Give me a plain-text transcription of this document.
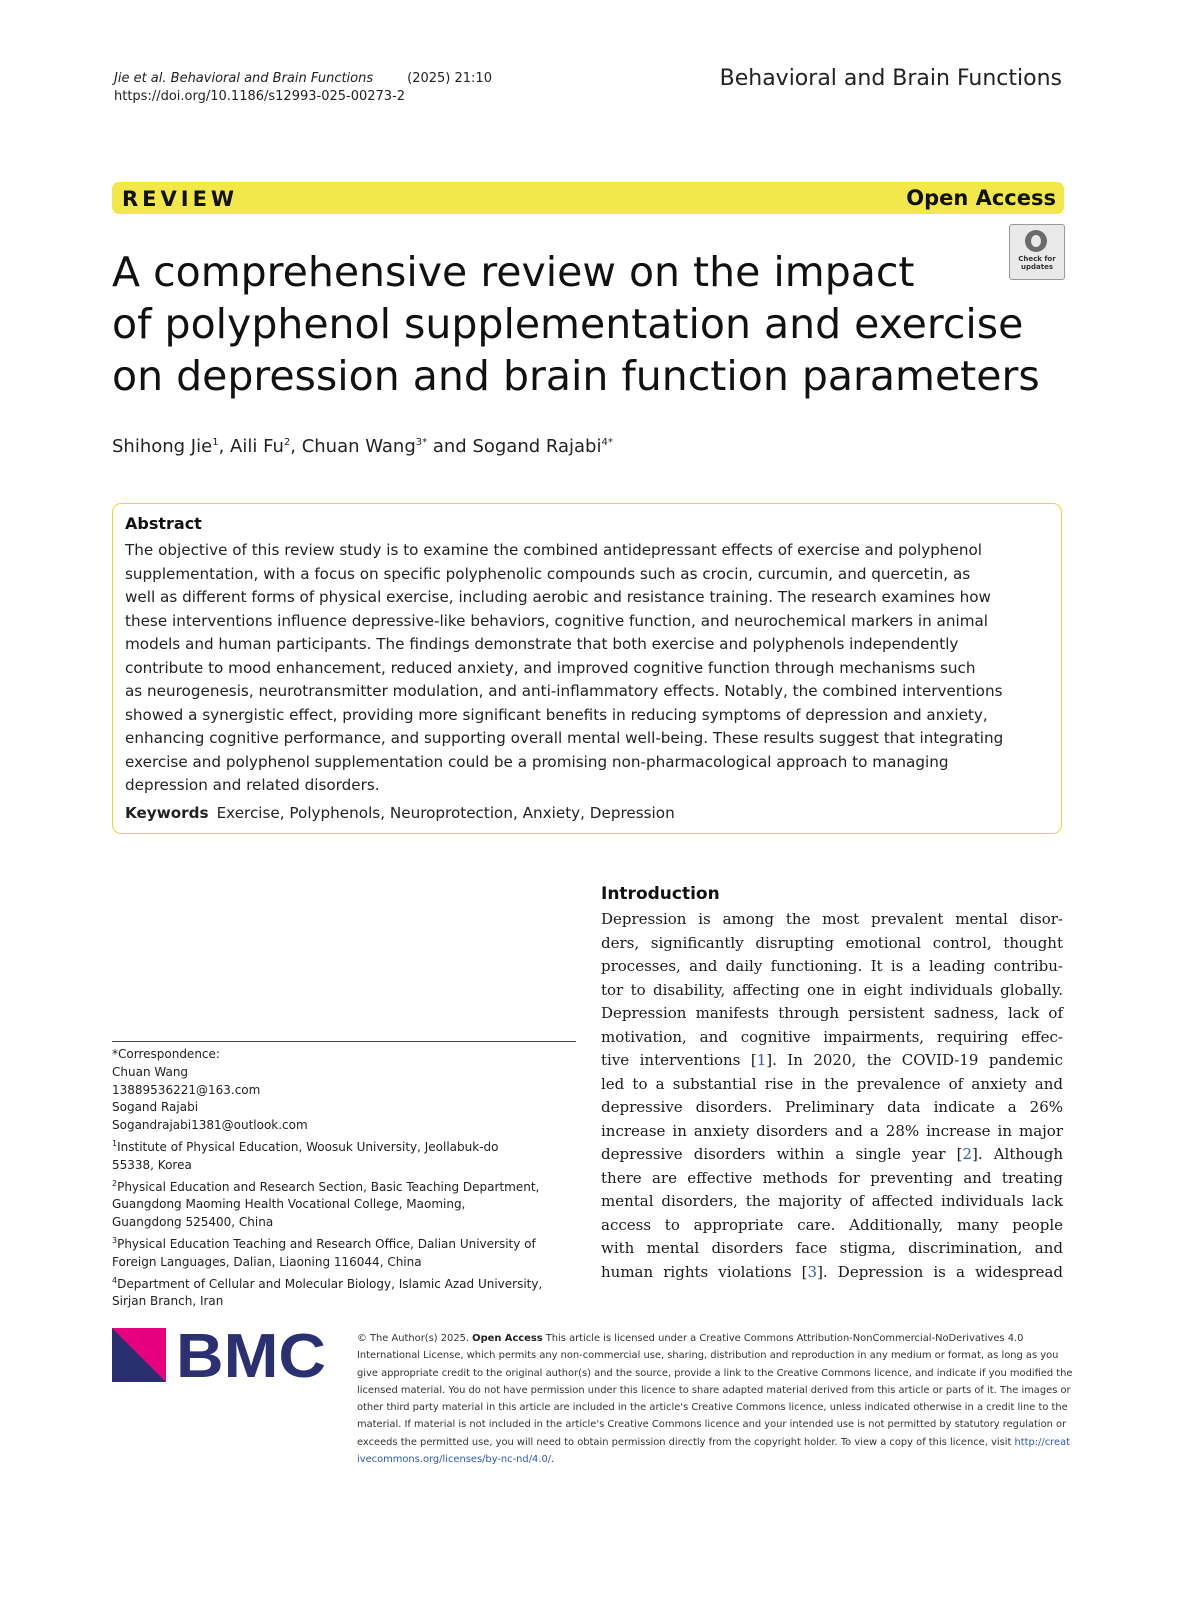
Jie et al. Behavioral and Brain Functions	(2025) 21:10
https://doi.org/10.1186/s12993-025-00273-2
Behavioral and Brain Functions
REVIEW	Open Access
Check for updates
A comprehensive review on the impact
of polyphenol supplementation and exercise
on depression and brain function parameters
Shihong Jie$^1$, Aili Fu$^2$, Chuan Wang$^{3*}$ and Sogand Rajabi$^{4*}$
Abstract
The objective of this review study is to examine the combined antidepressant effects of exercise and polyphenol
supplementation, with a focus on specific polyphenolic compounds such as crocin, curcumin, and quercetin, as
well as different forms of physical exercise, including aerobic and resistance training. The research examines how
these interventions influence depressive-like behaviors, cognitive function, and neurochemical markers in animal
models and human participants. The findings demonstrate that both exercise and polyphenols independently
contribute to mood enhancement, reduced anxiety, and improved cognitive function through mechanisms such
as neurogenesis, neurotransmitter modulation, and anti-inflammatory effects. Notably, the combined interventions
showed a synergistic effect, providing more significant benefits in reducing symptoms of depression and anxiety,
enhancing cognitive performance, and supporting overall mental well-being. These results suggest that integrating
exercise and polyphenol supplementation could be a promising non-pharmacological approach to managing
depression and related disorders.
Keywords Exercise, Polyphenols, Neuroprotection, Anxiety, Depression
*Correspondence:
Chuan Wang
13889536221@163.com
Sogand Rajabi
Sogandrajabi1381@outlook.com
$^1$Institute of Physical Education, Woosuk University, Jeollabuk-do
55338, Korea
$^2$Physical Education and Research Section, Basic Teaching Department,
Guangdong Maoming Health Vocational College, Maoming,
Guangdong 525400, China
$^3$Physical Education Teaching and Research Office, Dalian University of
Foreign Languages, Dalian, Liaoning 116044, China
$^4$Department of Cellular and Molecular Biology, Islamic Azad University,
Sirjan Branch, Iran
Introduction
Depression is among the most prevalent mental disor-
ders, significantly disrupting emotional control, thought
processes, and daily functioning. It is a leading contribu-
tor to disability, affecting one in eight individuals globally.
Depression manifests through persistent sadness, lack of
motivation, and cognitive impairments, requiring effec-
tive interventions [1]. In 2020, the COVID-19 pandemic
led to a substantial rise in the prevalence of anxiety and
depressive disorders. Preliminary data indicate a 26%
increase in anxiety disorders and a 28% increase in major
depressive disorders within a single year [2]. Although
there are effective methods for preventing and treating
mental disorders, the majority of affected individuals lack
access to appropriate care. Additionally, many people
with mental disorders face stigma, discrimination, and
human rights violations [3]. Depression is a widespread
BMC	© The Author(s) 2025. Open Access This article is licensed under a Creative Commons Attribution-NonCommercial-NoDerivatives 4.0
International License, which permits any non-commercial use, sharing, distribution and reproduction in any medium or format, as long as you
give appropriate credit to the original author(s) and the source, provide a link to the Creative Commons licence, and indicate if you modified the
licensed material. You do not have permission under this licence to share adapted material derived from this article or parts of it. The images or
other third party material in this article are included in the article's Creative Commons licence, unless indicated otherwise in a credit line to the
material. If material is not included in the article's Creative Commons licence and your intended use is not permitted by statutory regulation or
exceeds the permitted use, you will need to obtain permission directly from the copyright holder. To view a copy of this licence, visit http://creat
ivecommons.org/licenses/by-nc-nd/4.0/.
